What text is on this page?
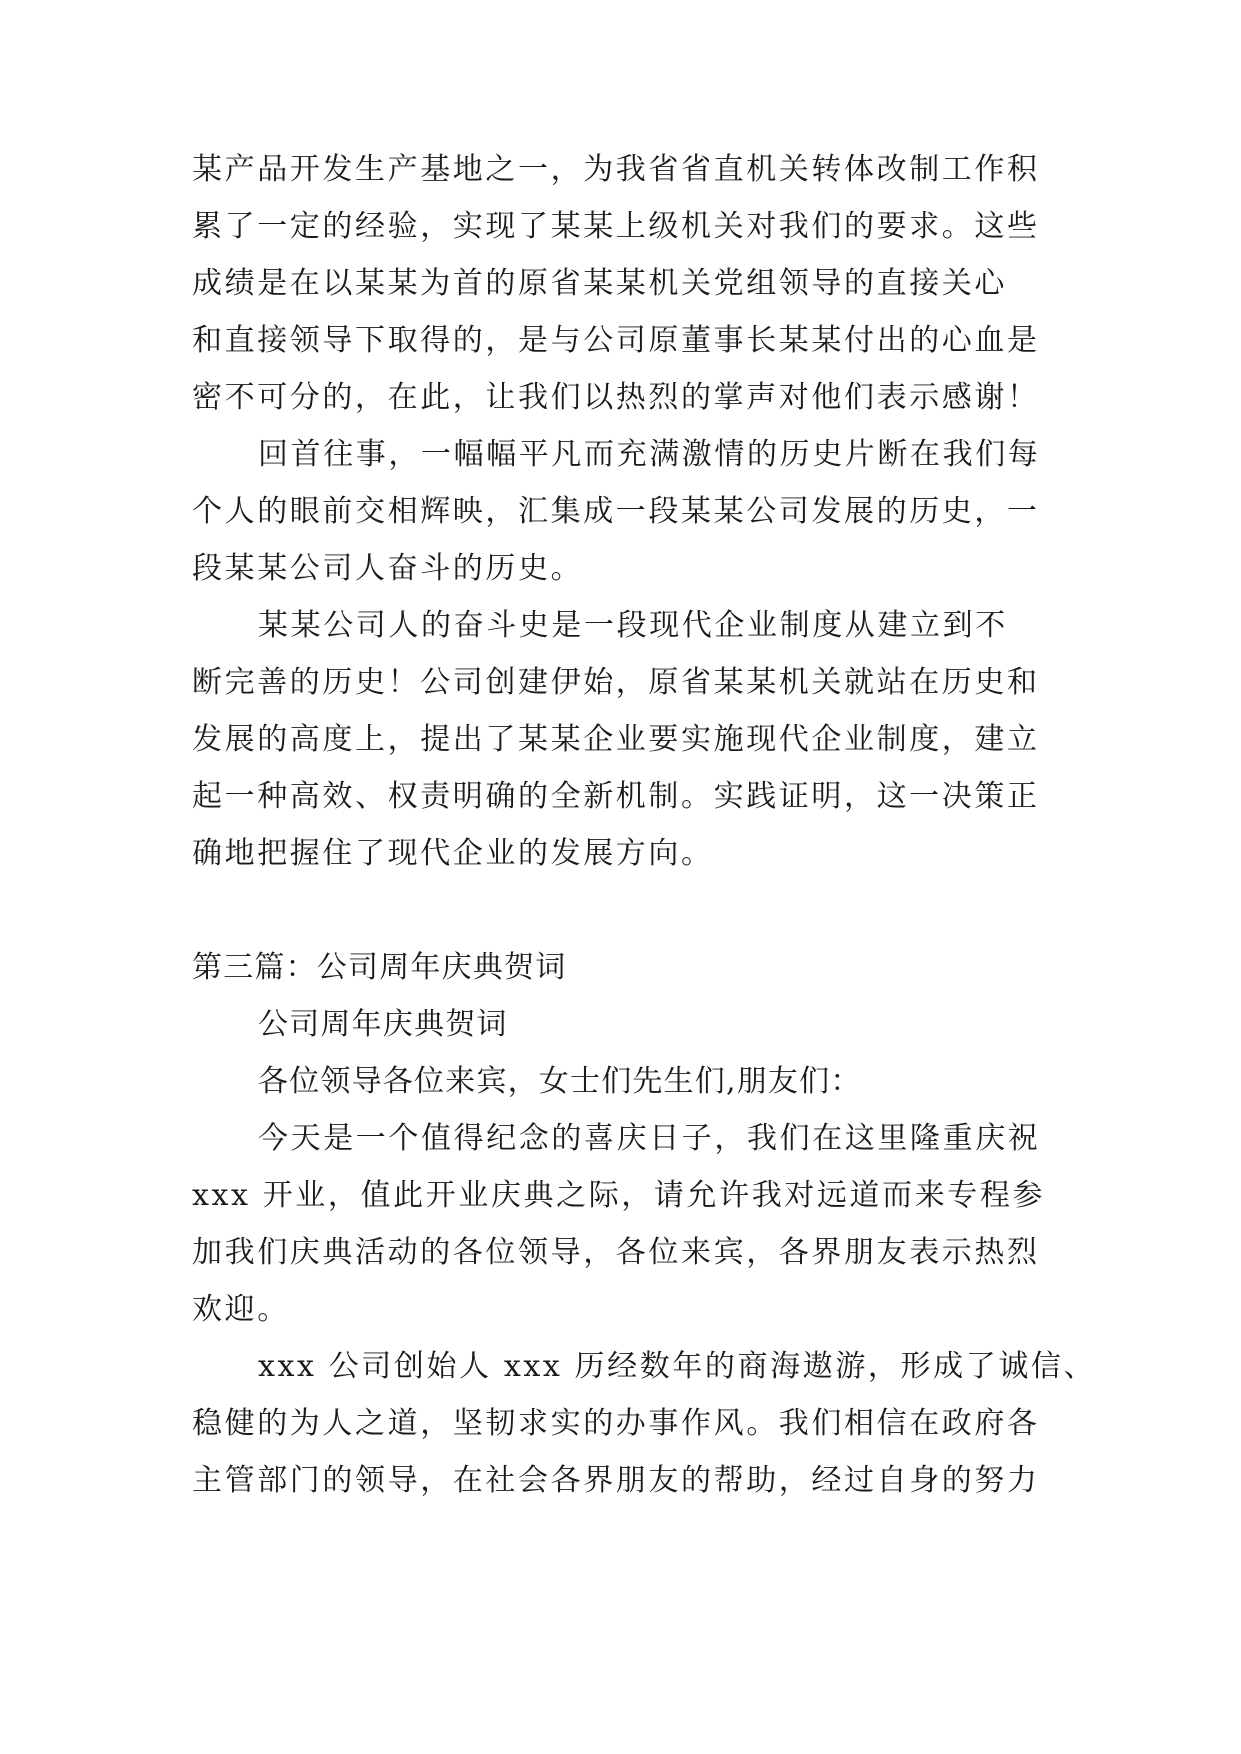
某产品开发生产基地之一，为我省省直机关转体改制工作积
累了一定的经验，实现了某某上级机关对我们的要求。这些
成绩是在以某某为首的原省某某机关党组领导的直接关心
和直接领导下取得的，是与公司原董事长某某付出的心血是
密不可分的，在此，让我们以热烈的掌声对他们表示感谢！
回首往事，一幅幅平凡而充满激情的历史片断在我们每
个人的眼前交相辉映，汇集成一段某某公司发展的历史，一
段某某公司人奋斗的历史。
某某公司人的奋斗史是一段现代企业制度从建立到不
断完善的历史！公司创建伊始，原省某某机关就站在历史和
发展的高度上，提出了某某企业要实施现代企业制度，建立
起一种高效、权责明确的全新机制。实践证明，这一决策正
确地把握住了现代企业的发展方向。
第三篇：公司周年庆典贺词
公司周年庆典贺词
各位领导各位来宾，女士们先生们,朋友们：
今天是一个值得纪念的喜庆日子，我们在这里隆重庆祝
xxx 开业，值此开业庆典之际，请允许我对远道而来专程参
加我们庆典活动的各位领导，各位来宾，各界朋友表示热烈
欢迎。
xxx 公司创始人 xxx 历经数年的商海遨游，形成了诚信、
稳健的为人之道，坚韧求实的办事作风。我们相信在政府各
主管部门的领导，在社会各界朋友的帮助，经过自身的努力
